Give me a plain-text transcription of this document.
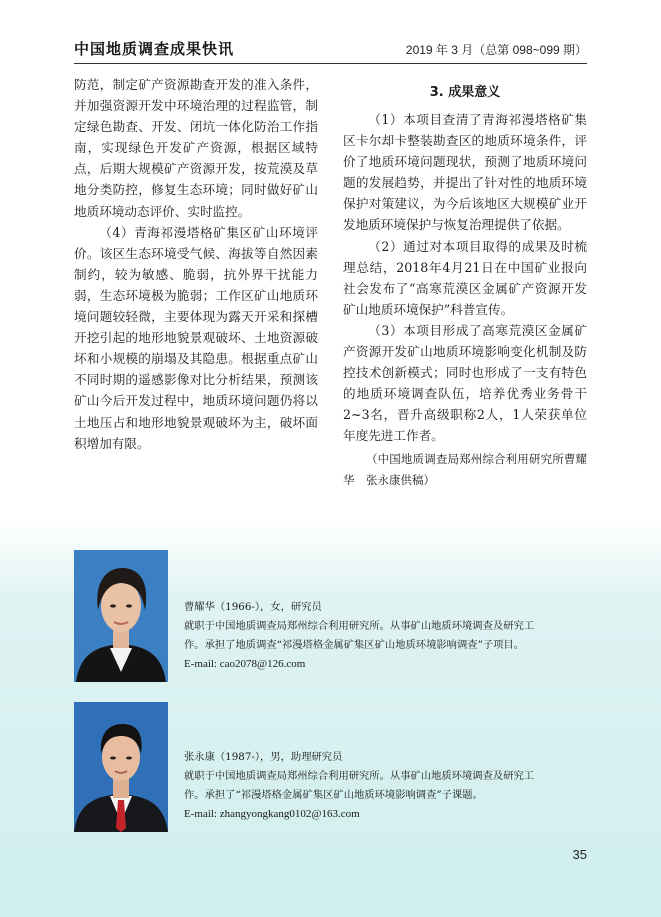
中国地质调查成果快讯	2019 年 3 月（总第 098~099 期）

防范，制定矿产资源勘查开发的准入条件，并加强资源开发中环境治理的过程监管，制定绿色勘查、开发、闭坑一体化防治工作指南，实现绿色开发矿产资源，根据区域特点，后期大规模矿产资源开发，按荒漠及草地分类防控，修复生态环境；同时做好矿山地质环境动态评价、实时监控。

（4）青海祁漫塔格矿集区矿山环境评价。该区生态环境受气候、海拔等自然因素制约，较为敏感、脆弱，抗外界干扰能力弱，生态环境极为脆弱；工作区矿山地质环境问题较轻微，主要体现为露天开采和探槽开挖引起的地形地貌景观破坏、土地资源破坏和小规模的崩塌及其隐患。根据重点矿山不同时期的遥感影像对比分析结果，预测该矿山今后开发过程中，地质环境问题仍将以土地压占和地形地貌景观破坏为主，破坏面积增加有限。

3. 成果意义

（1）本项目查清了青海祁漫塔格矿集区卡尔却卡整装勘查区的地质环境条件，评价了地质环境问题现状，预测了地质环境问题的发展趋势，并提出了针对性的地质环境保护对策建议，为今后该地区大规模矿业开发地质环境保护与恢复治理提供了依据。

（2）通过对本项目取得的成果及时梳理总结，2018年4月21日在中国矿业报向社会发布了“高寒荒漠区金属矿产资源开发矿山地质环境保护”科普宣传。

（3）本项目形成了高寒荒漠区金属矿产资源开发矿山地质环境影响变化机制及防控技术创新模式；同时也形成了一支有特色的地质环境调查队伍，培养优秀业务骨干2~3名，晋升高级职称2人，1人荣获单位年度先进工作者。

（中国地质调查局郑州综合利用研究所曹耀华　张永康供稿）

曹耀华（1966-），女，研究员
就职于中国地质调查局郑州综合利用研究所。从事矿山地质环境调查及研究工
作。承担了地质调查“祁漫塔格金属矿集区矿山地质环境影响调查”子项目。
E-mail: cao2078@126.com
张永康（1987-），男，助理研究员
就职于中国地质调查局郑州综合利用研究所。从事矿山地质环境调查及研究工
作。承担了“祁漫塔格金属矿集区矿山地质环境影响调查”子课题。
E-mail: zhangyongkang0102@163.com
35
